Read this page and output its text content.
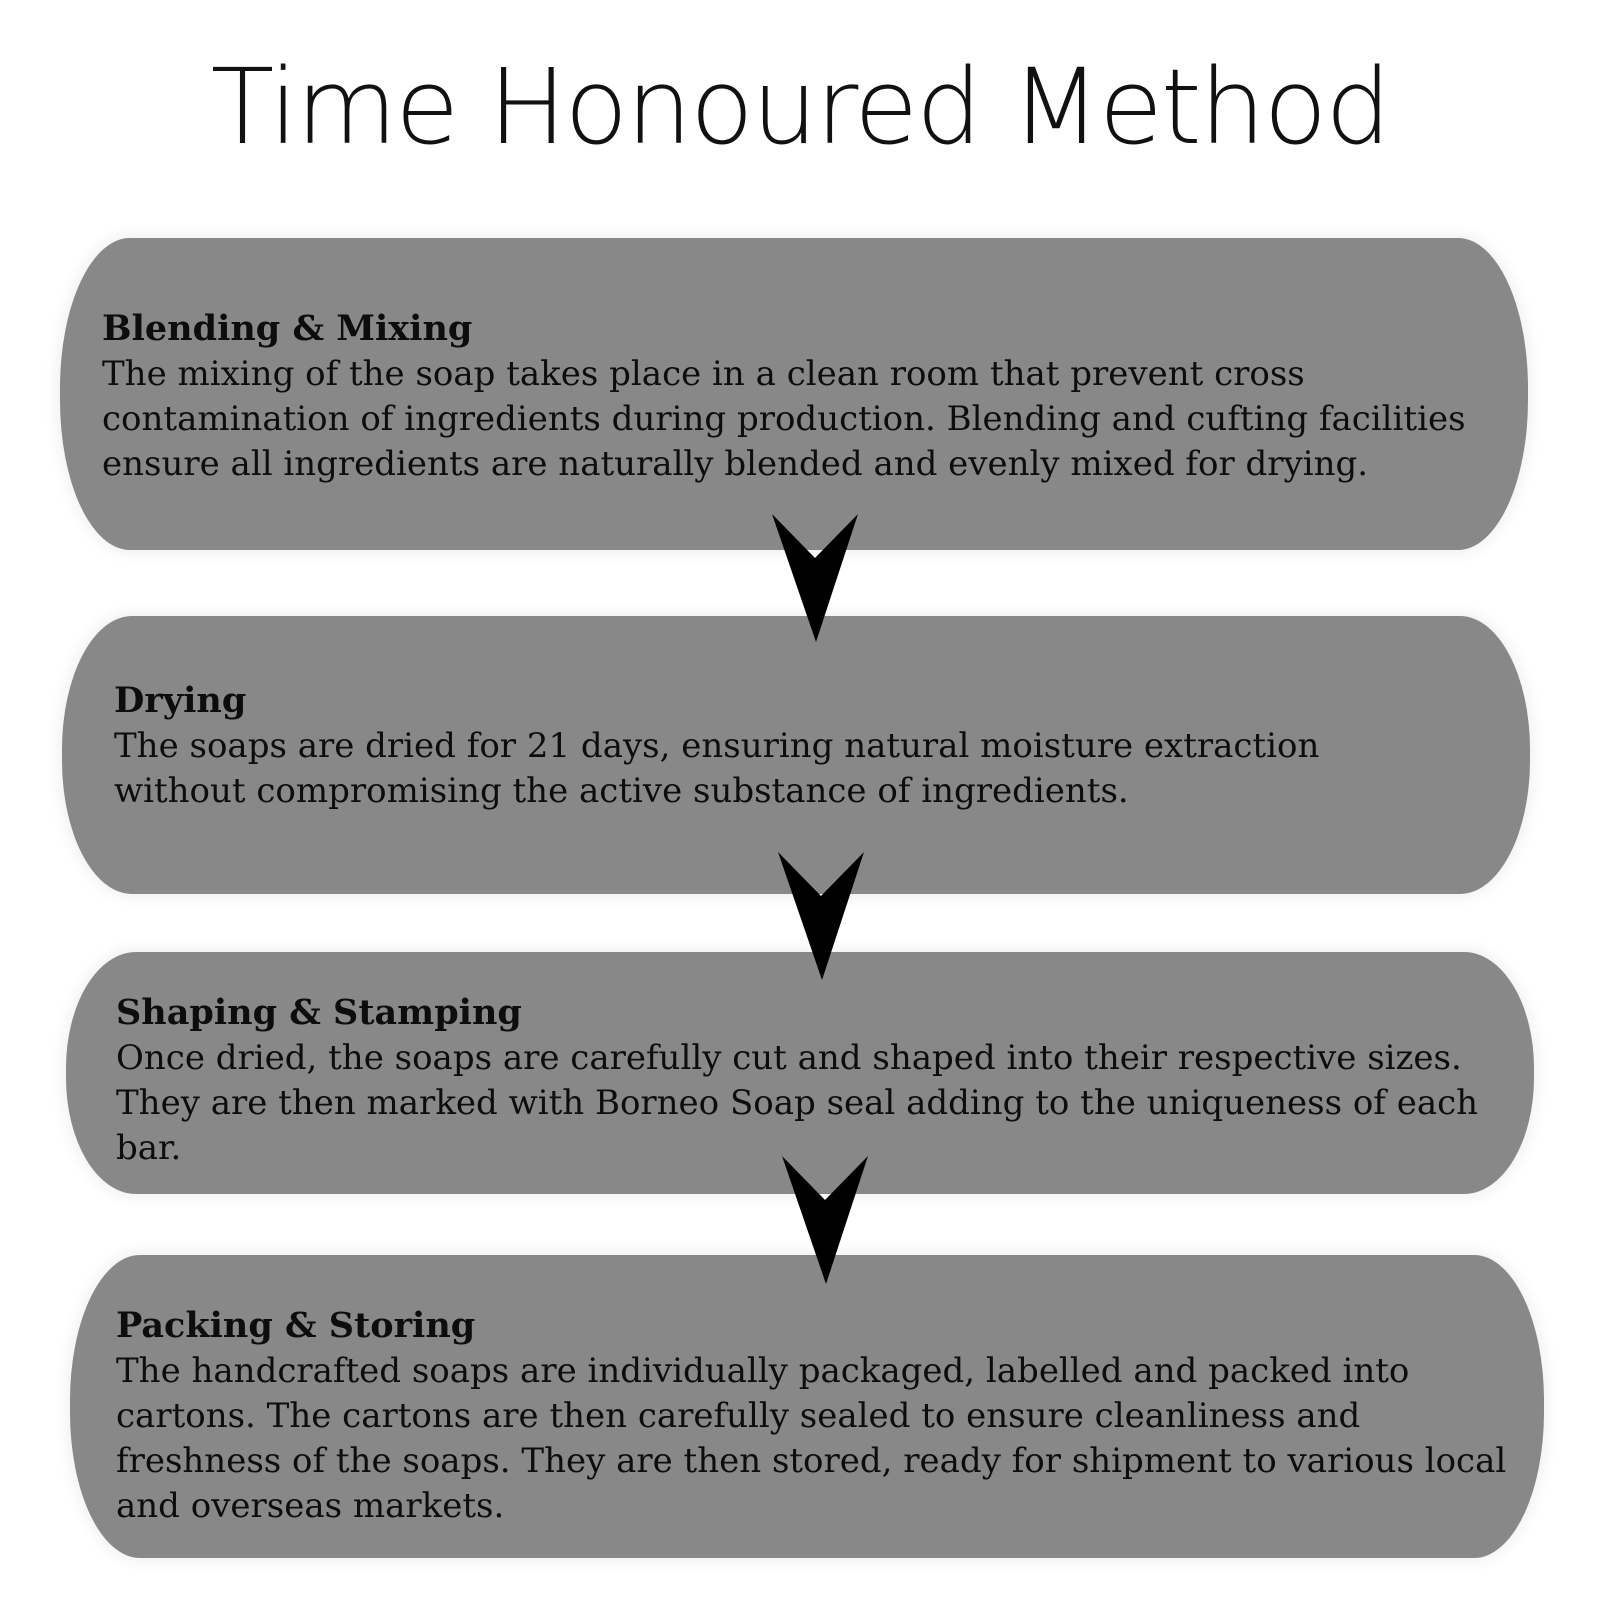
Time Honoured Method
Blending & Mixing
The mixing of the soap takes place in a clean room that prevent cross contamination of ingredients during production. Blending and cufting facilities ensure all ingredients are naturally blended and evenly mixed for drying.
Drying
The soaps are dried for 21 days, ensuring natural moisture extraction without compromising the active substance of ingredients.
Shaping & Stamping
Once dried, the soaps are carefully cut and shaped into their respective sizes. They are then marked with Borneo Soap seal adding to the uniqueness of each bar.
Packing & Storing
The handcrafted soaps are individually packaged, labelled and packed into cartons. The cartons are then carefully sealed to ensure cleanliness and freshness of the soaps. They are then stored, ready for shipment to various local and overseas markets.
